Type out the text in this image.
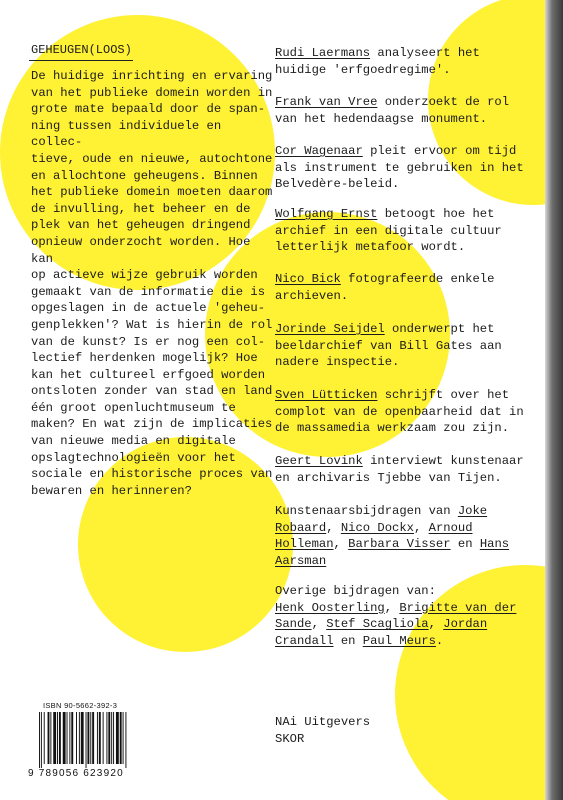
GEHEUGEN(LOOS)
De huidige inrichting en ervaring
van het publieke domein worden in
grote mate bepaald door de span-
ning tussen individuele en collec-
tieve, oude en nieuwe, autochtone
en allochtone geheugens. Binnen
het publieke domein moeten daarom
de invulling, het beheer en de
plek van het geheugen dringend
opnieuw onderzocht worden. Hoe kan
op actieve wijze gebruik worden
gemaakt van de informatie die is
opgeslagen in de actuele 'geheu-
genplekken'? Wat is hierin de rol
van de kunst? Is er nog een col-
lectief herdenken mogelijk? Hoe
kan het cultureel erfgoed worden
ontsloten zonder van stad en land
één groot openluchtmuseum te
maken? En wat zijn de implicaties
van nieuwe media en digitale
opslagtechnologieën voor het
sociale en historische proces van
bewaren en herinneren?
Rudi Laermans analyseert het
huidige 'erfgoedregime'.
Frank van Vree onderzoekt de rol
van het hedendaagse monument.
Cor Wagenaar pleit ervoor om tijd
als instrument te gebruiken in het
Belvedère-beleid.
Wolfgang Ernst betoogt hoe het
archief in een digitale cultuur
letterlijk metafoor wordt.
Nico Bick fotografeerde enkele
archieven.
Jorinde Seijdel onderwerpt het
beeldarchief van Bill Gates aan
nadere inspectie.
Sven Lütticken schrijft over het
complot van de openbaarheid dat in
de massamedia werkzaam zou zijn.
Geert Lovink interviewt kunstenaar
en archivaris Tjebbe van Tijen.
Kunstenaarsbijdragen van Joke
Robaard, Nico Dockx, Arnoud
Holleman, Barbara Visser en Hans
Aarsman
Overige bijdragen van:
Henk Oosterling, Brigitte van der
Sande, Stef Scagliola, Jordan
Crandall en Paul Meurs.
NAi Uitgevers
SKOR
ISBN 90-5662-392-3
9 789056 623920
